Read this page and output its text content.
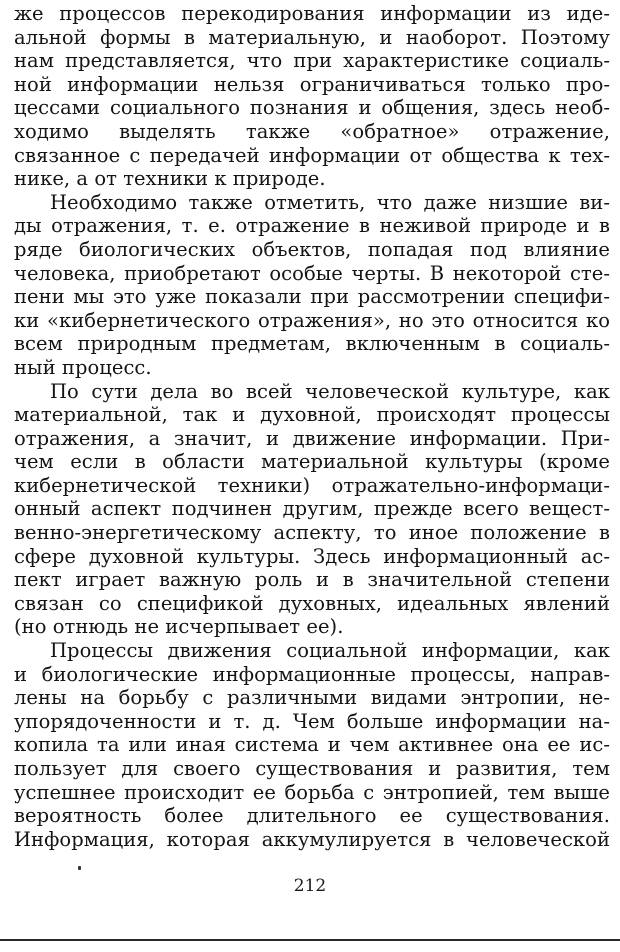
же процессов перекодирования информации из иде-
альной формы в материальную, и наоборот. Поэтому
нам представляется, что при характеристике социаль-
ной информации нельзя ограничиваться только про-
цессами социального познания и общения, здесь необ-
ходимо выделять также «обратное» отражение,
связанное с передачей информации от общества к тех-
нике, а от техники к природе.
Необходимо также отметить, что даже низшие ви-
ды отражения, т. е. отражение в неживой природе и в
ряде биологических объектов, попадая под влияние
человека, приобретают особые черты. В некоторой сте-
пени мы это уже показали при рассмотрении специфи-
ки «кибернетического отражения», но это относится ко
всем природным предметам, включенным в социаль-
ный процесс.
По сути дела во всей человеческой культуре, как
материальной, так и духовной, происходят процессы
отражения, а значит, и движение информации. При-
чем если в области материальной культуры (кроме
кибернетической техники) отражательно-информаци-
онный аспект подчинен другим, прежде всего вещест-
венно-энергетическому аспекту, то иное положение в
сфере духовной культуры. Здесь информационный ас-
пект играет важную роль и в значительной степени
связан со спецификой духовных, идеальных явлений
(но отнюдь не исчерпывает ее).
Процессы движения социальной информации, как
и биологические информационные процессы, направ-
лены на борьбу с различными видами энтропии, не-
упорядоченности и т. д. Чем больше информации на-
копила та или иная система и чем активнее она ее ис-
пользует для своего существования и развития, тем
успешнее происходит ее борьба с энтропией, тем выше
вероятность более длительного ее существования.
Информация, которая аккумулируется в человеческой
212
